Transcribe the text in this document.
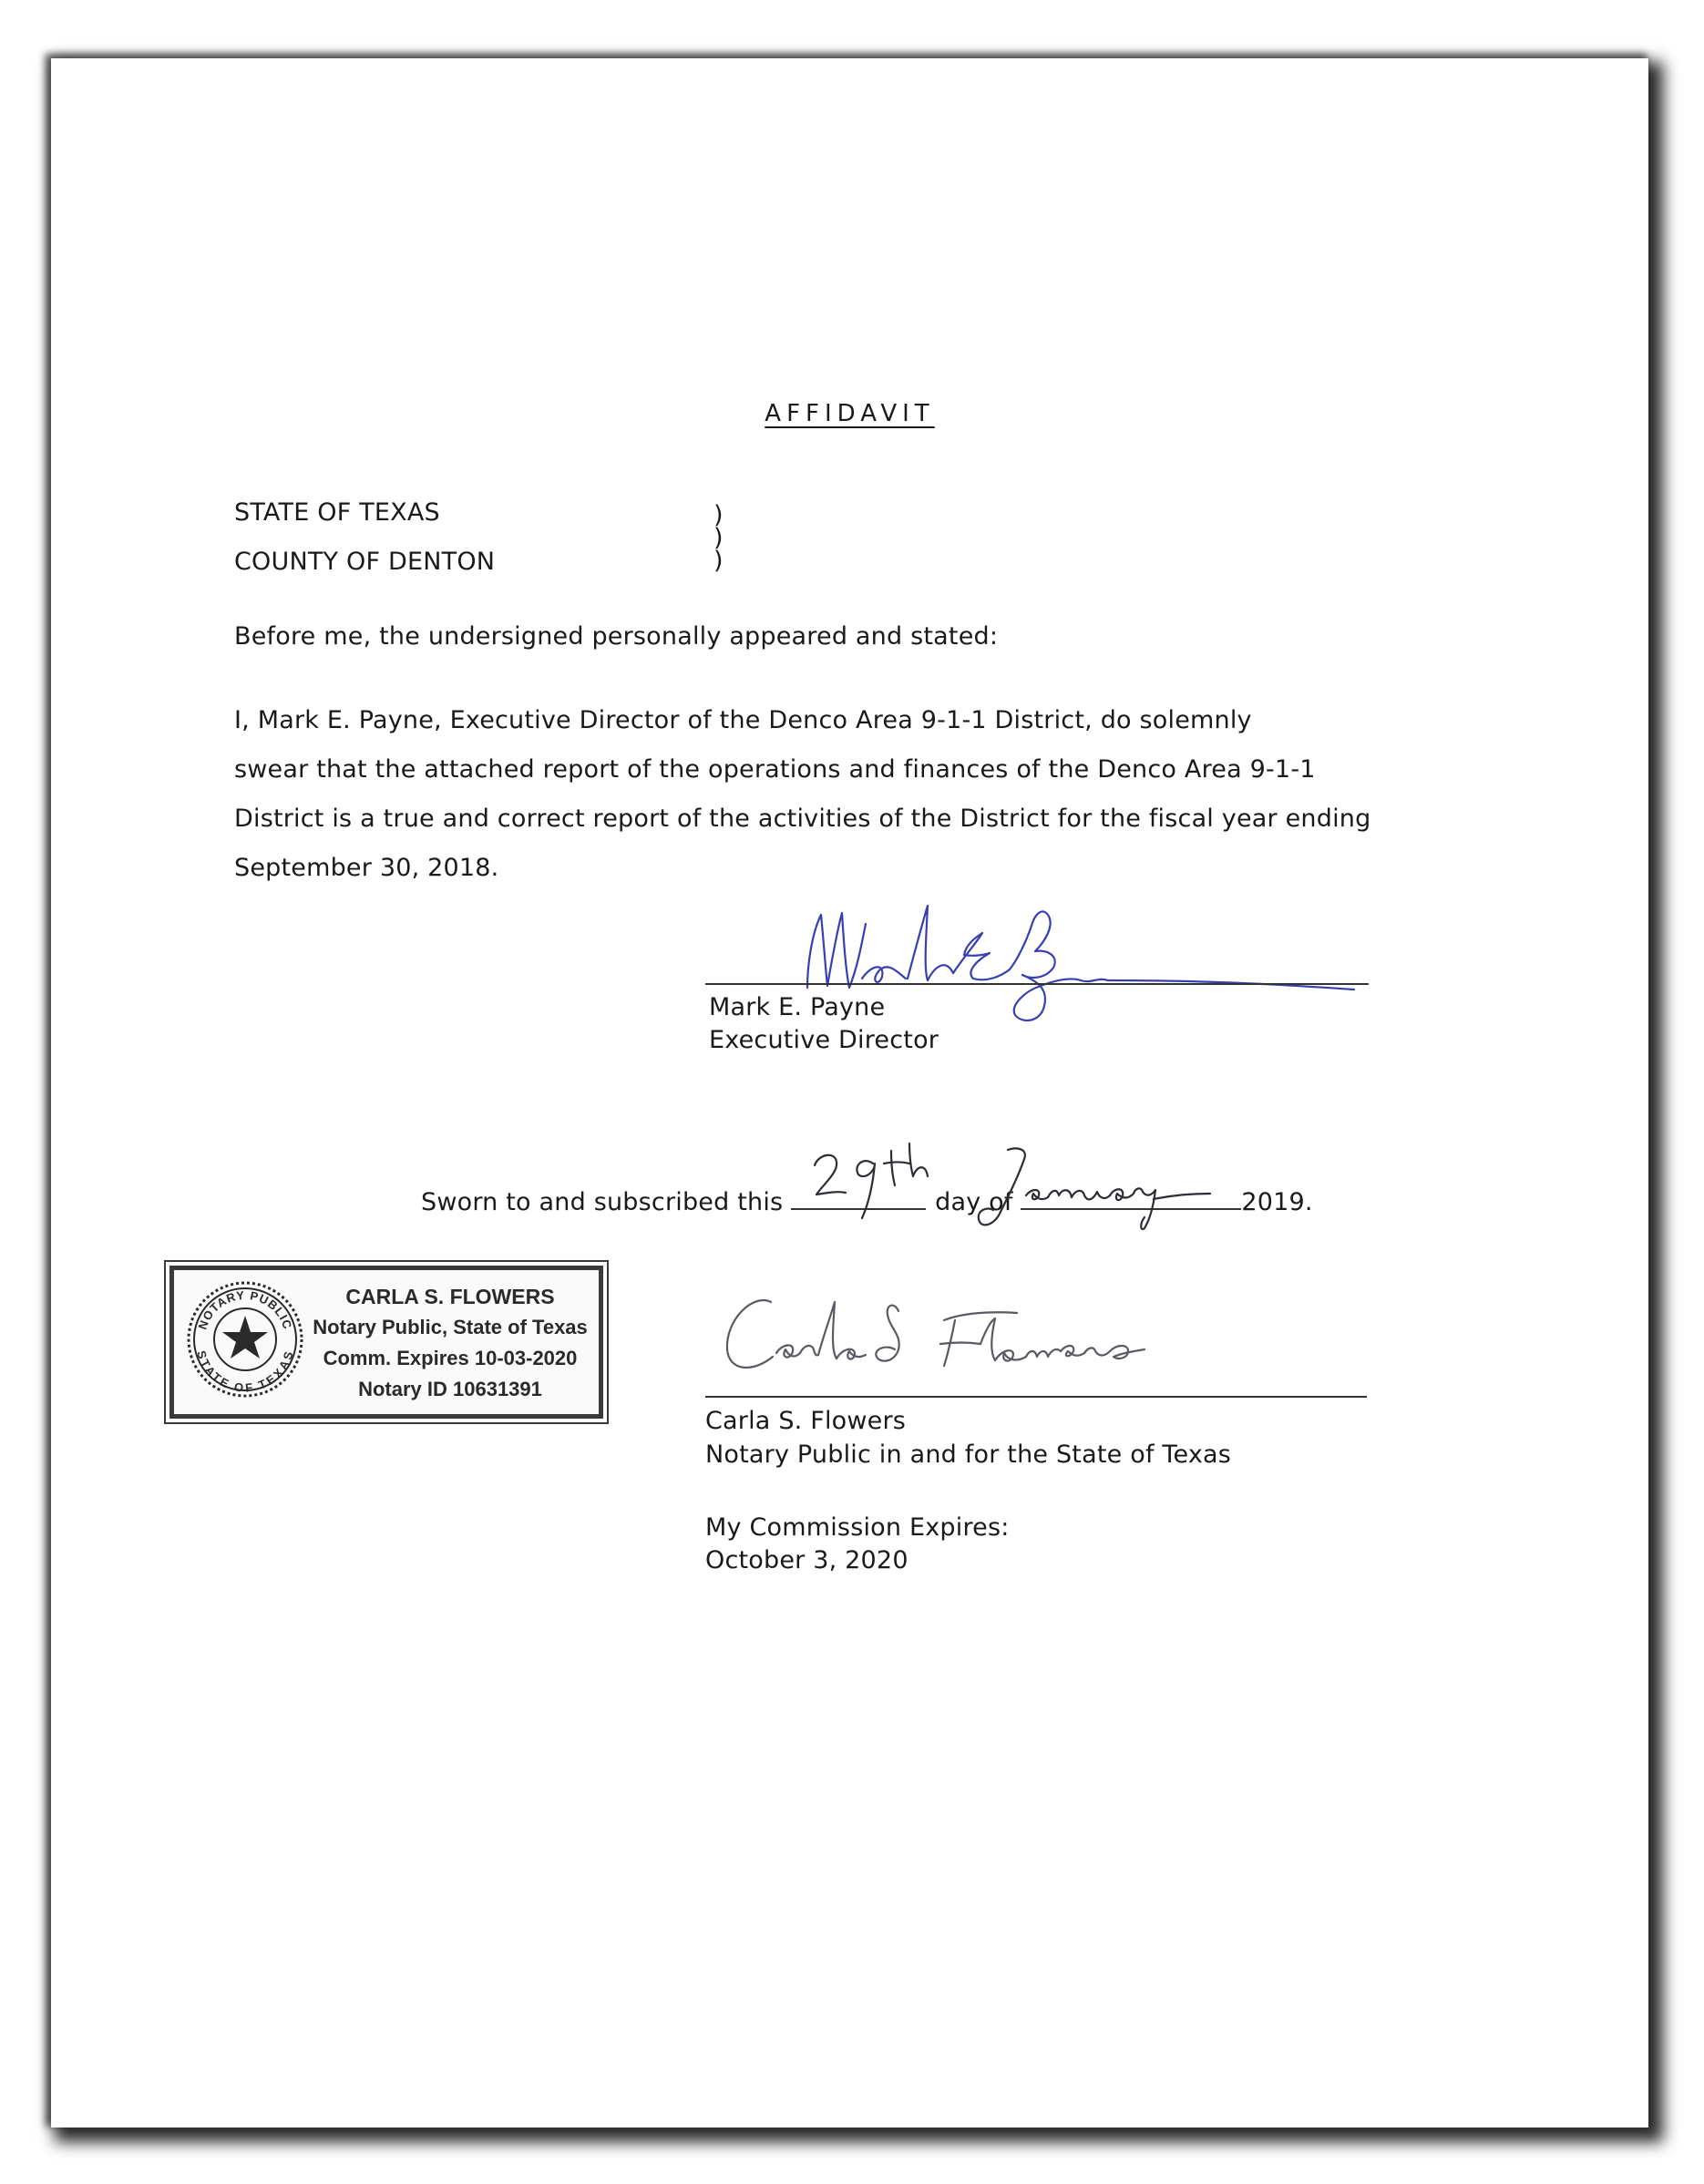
AFFIDAVIT
STATE OF TEXAS
COUNTY OF DENTON
)
)
)
Before me, the undersigned personally appeared and stated:
I, Mark E. Payne, Executive Director of the Denco Area 9-1-1 District, do solemnly
swear that the attached report of the operations and finances of the Denco Area 9-1-1
District is a true and correct report of the activities of the District for the fiscal year ending
September 30, 2018.
Mark E. Payne
Executive Director
Sworn to and subscribed this	day of	2019.
NOTARY PUBLIC
STATE OF TEXAS
CARLA S. FLOWERS
Notary Public, State of Texas
Comm. Expires 10-03-2020
Notary ID 10631391
Carla S. Flowers
Notary Public in and for the State of Texas
My Commission Expires:
October 3, 2020
